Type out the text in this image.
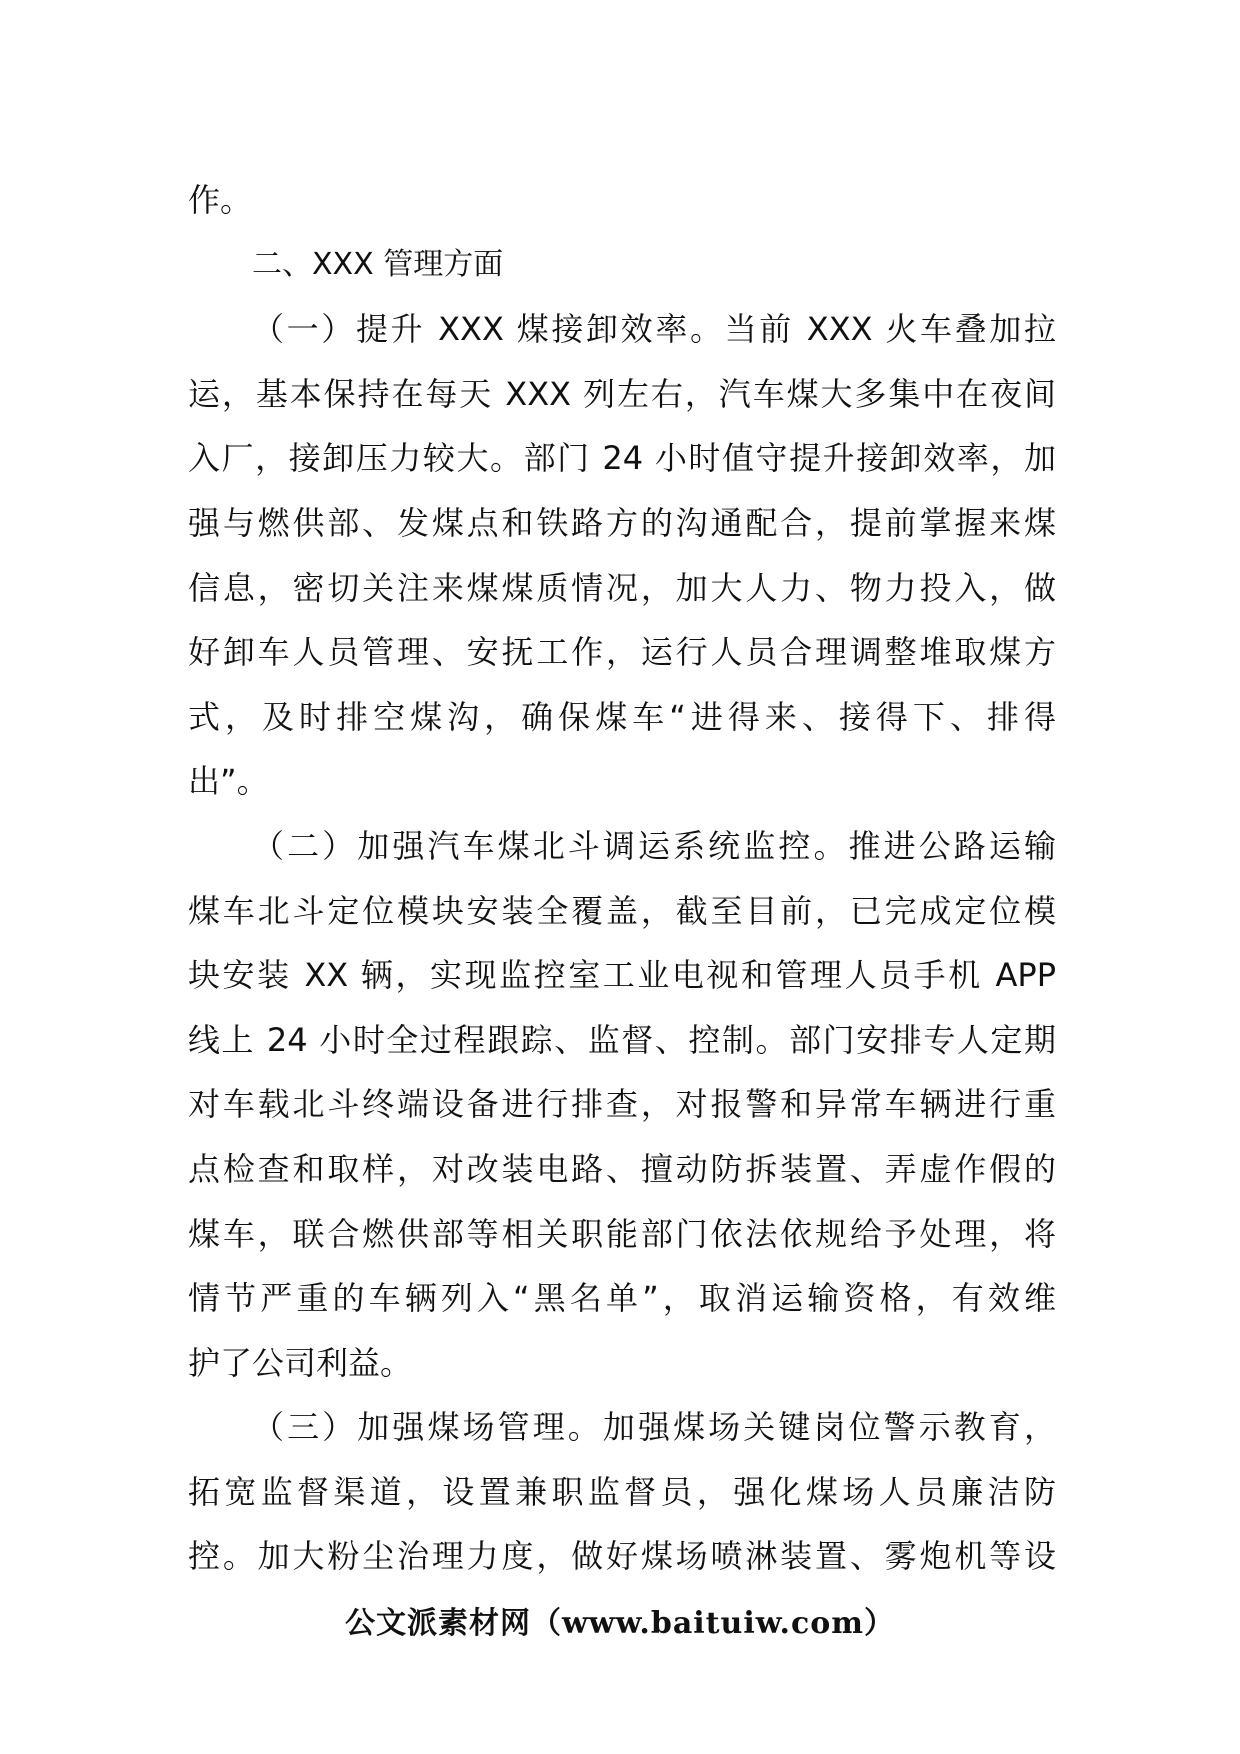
作。
二、XXX 管理方面
（一）提升 XXX 煤接卸效率。当前 XXX 火车叠加拉
运，基本保持在每天 XXX 列左右，汽车煤大多集中在夜间
入厂，接卸压力较大。部门 24 小时值守提升接卸效率，加
强与燃供部、发煤点和铁路方的沟通配合，提前掌握来煤
信息，密切关注来煤煤质情况，加大人力、物力投入，做
好卸车人员管理、安抚工作，运行人员合理调整堆取煤方
式，及时排空煤沟，确保煤车“进得来、接得下、排得
出”。
（二）加强汽车煤北斗调运系统监控。推进公路运输
煤车北斗定位模块安装全覆盖，截至目前，已完成定位模
块安装 XX 辆，实现监控室工业电视和管理人员手机 APP
线上 24 小时全过程跟踪、监督、控制。部门安排专人定期
对车载北斗终端设备进行排查，对报警和异常车辆进行重
点检查和取样，对改装电路、擅动防拆装置、弄虚作假的
煤车，联合燃供部等相关职能部门依法依规给予处理，将
情节严重的车辆列入“黑名单”，取消运输资格，有效维
护了公司利益。
（三）加强煤场管理。加强煤场关键岗位警示教育，
拓宽监督渠道，设置兼职监督员，强化煤场人员廉洁防
控。加大粉尘治理力度，做好煤场喷淋装置、雾炮机等设
公文派素材网（www.baituiw.com）
